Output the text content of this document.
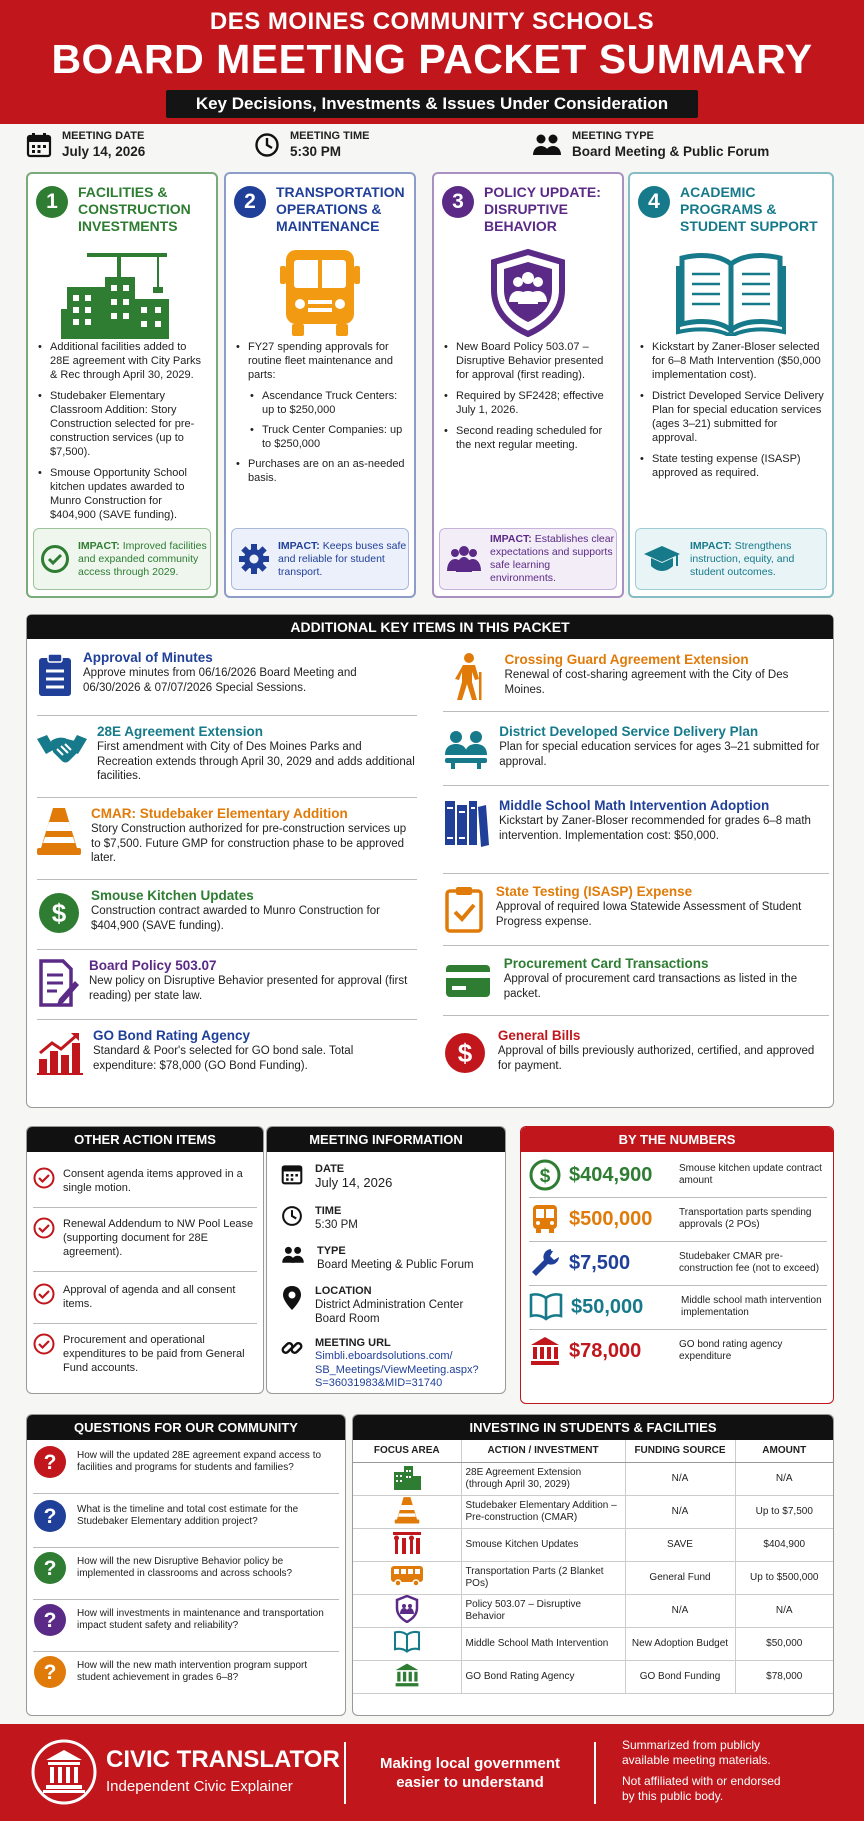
DES MOINES COMMUNITY SCHOOLS
BOARD MEETING PACKET SUMMARY
Key Decisions, Investments & Issues Under Consideration
MEETING DATE
July 14, 2026
MEETING TIME
5:30 PM
MEETING TYPE
Board Meeting & Public Forum
1	FACILITIES & CONSTRUCTION INVESTMENTS
• Additional facilities added to 28E agreement with City Parks & Rec through April 30, 2029.
• Studebaker Elementary Classroom Addition: Story Construction selected for pre-construction services (up to $7,500).
• Smouse Opportunity School kitchen updates awarded to Munro Construction for $404,900 (SAVE funding).
IMPACT: Improved facilities and expanded community access through 2029.
2	TRANSPORTATION OPERATIONS & MAINTENANCE
• FY27 spending approvals for routine fleet maintenance and parts:
• Ascendance Truck Centers: up to $250,000
• Truck Center Companies: up to $250,000
• Purchases are on an as-needed basis.
IMPACT: Keeps buses safe and reliable for student transport.
3	POLICY UPDATE: DISRUPTIVE BEHAVIOR
• New Board Policy 503.07 – Disruptive Behavior presented for approval (first reading).
• Required by SF2428; effective July 1, 2026.
• Second reading scheduled for the next regular meeting.
IMPACT: Establishes clear expectations and supports safe learning environments.
4	ACADEMIC PROGRAMS & STUDENT SUPPORT
• Kickstart by Zaner-Bloser selected for 6–8 Math Intervention ($50,000 implementation cost).
• District Developed Service Delivery Plan for special education services (ages 3–21) submitted for approval.
• State testing expense (ISASP) approved as required.
IMPACT: Strengthens instruction, equity, and student outcomes.
ADDITIONAL KEY ITEMS IN THIS PACKET
Approval of Minutes
Approve minutes from 06/16/2026 Board Meeting and 06/30/2026 & 07/07/2026 Special Sessions.
28E Agreement Extension
First amendment with City of Des Moines Parks and Recreation extends through April 30, 2029 and adds additional facilities.
CMAR: Studebaker Elementary Addition
Story Construction authorized for pre-construction services up to $7,500. Future GMP for construction phase to be approved later.
$
Smouse Kitchen Updates
Construction contract awarded to Munro Construction for $404,900 (SAVE funding).
Board Policy 503.07
New policy on Disruptive Behavior presented for approval (first reading) per state law.
GO Bond Rating Agency
Standard & Poor's selected for GO bond sale. Total expenditure: $78,000 (GO Bond Funding).
Crossing Guard Agreement Extension
Renewal of cost-sharing agreement with the City of Des Moines.
District Developed Service Delivery Plan
Plan for special education services for ages 3–21 submitted for approval.
Middle School Math Intervention Adoption
Kickstart by Zaner-Bloser recommended for grades 6–8 math intervention. Implementation cost: $50,000.
State Testing (ISASP) Expense
Approval of required Iowa Statewide Assessment of Student Progress expense.
Procurement Card Transactions
Approval of procurement card transactions as listed in the packet.
$
General Bills
Approval of bills previously authorized, certified, and approved for payment.
OTHER ACTION ITEMS
Consent agenda items approved in a single motion.
Renewal Addendum to NW Pool Lease (supporting document for 28E agreement).
Approval of agenda and all consent items.
Procurement and operational expenditures to be paid from General Fund accounts.
MEETING INFORMATION
DATE
July 14, 2026
TIME
5:30 PM
TYPE
Board Meeting & Public Forum
LOCATION
District Administration Center
Board Room
MEETING URL
Simbli.eboardsolutions.com/
SB_Meetings/ViewMeeting.aspx?
S=36031983&MID=31740
BY THE NUMBERS
$ $404,900	Smouse kitchen update contract amount
$500,000	Transportation parts spending approvals (2 POs)
$7,500	Studebaker CMAR pre-construction fee (not to exceed)
$50,000	Middle school math intervention implementation
$78,000	GO bond rating agency expenditure
QUESTIONS FOR OUR COMMUNITY
? How will the updated 28E agreement expand access to facilities and programs for students and families?
? What is the timeline and total cost estimate for the Studebaker Elementary addition project?
? How will the new Disruptive Behavior policy be implemented in classrooms and across schools?
? How will investments in maintenance and transportation impact student safety and reliability?
? How will the new math intervention program support student achievement in grades 6–8?
INVESTING IN STUDENTS & FACILITIES
FOCUS AREA	ACTION / INVESTMENT	FUNDING SOURCE	AMOUNT
	28E Agreement Extension (through April 30, 2029)	N/A	N/A
	Studebaker Elementary Addition – Pre-construction (CMAR)	N/A	Up to $7,500
	Smouse Kitchen Updates	SAVE	$404,900
	Transportation Parts (2 Blanket POs)	General Fund	Up to $500,000
	Policy 503.07 – Disruptive Behavior	N/A	N/A
	Middle School Math Intervention	New Adoption Budget	$50,000
	GO Bond Rating Agency	GO Bond Funding	$78,000
CIVIC TRANSLATOR
Independent Civic Explainer
Making local government
easier to understand
Summarized from publicly
available meeting materials.
Not affiliated with or endorsed
by this public body.
